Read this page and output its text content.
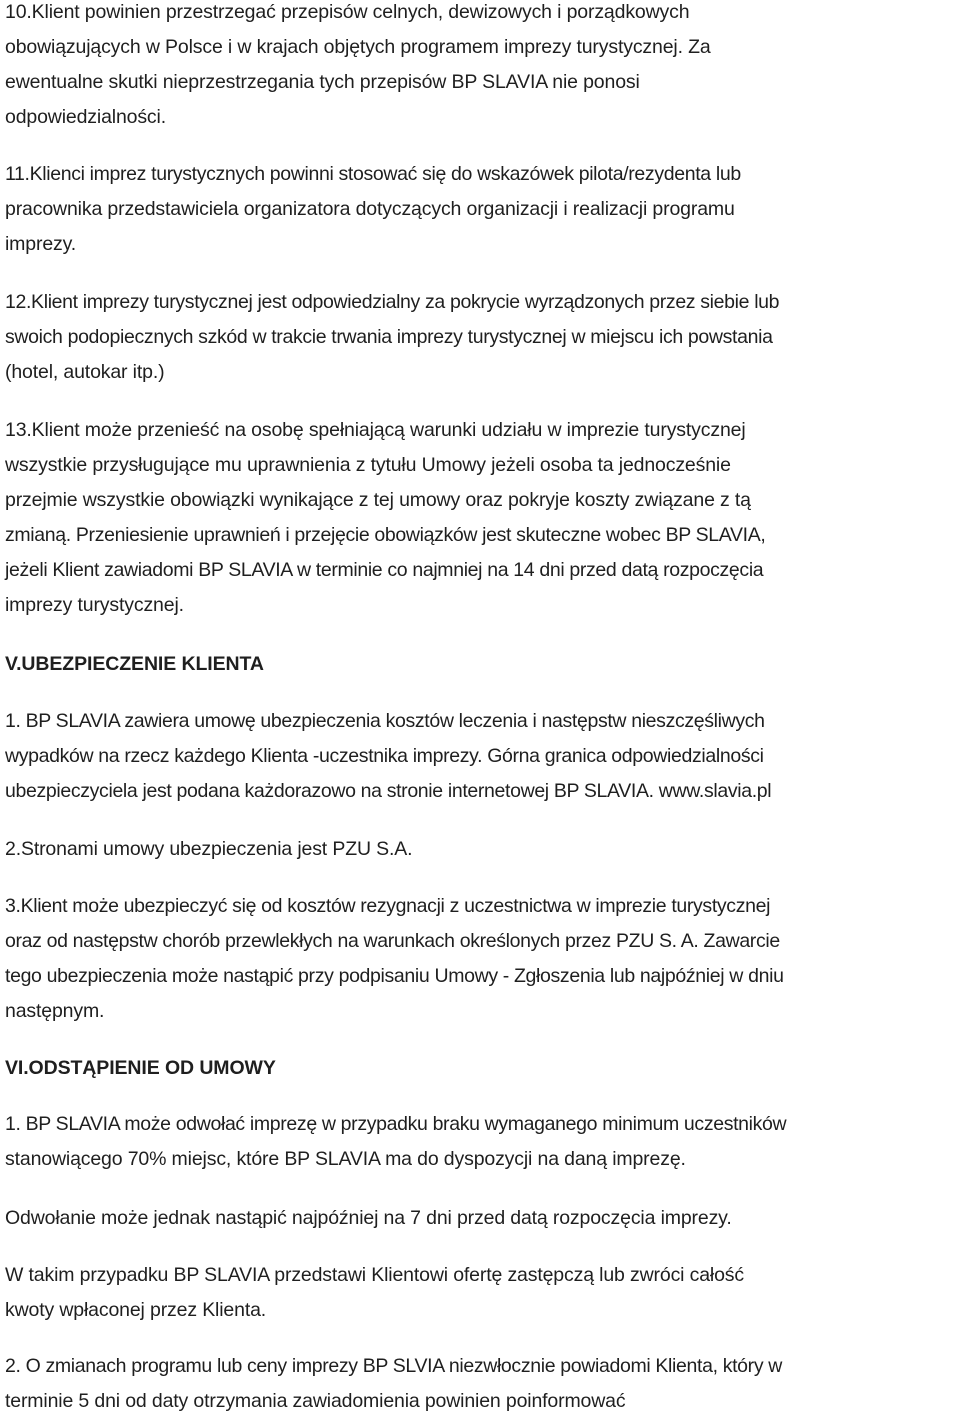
10.Klient powinien przestrzegać przepisów celnych, dewizowych i porządkowych
obowiązujących w Polsce i w krajach objętych programem imprezy turystycznej. Za
ewentualne skutki nieprzestrzegania tych przepisów BP SLAVIA nie ponosi
odpowiedzialności.

11.Klienci imprez turystycznych powinni stosować się do wskazówek pilota/rezydenta lub
pracownika przedstawiciela organizatora dotyczących organizacji i realizacji programu
imprezy.

12.Klient imprezy turystycznej jest odpowiedzialny za pokrycie wyrządzonych przez siebie lub
swoich podopiecznych szkód w trakcie trwania imprezy turystycznej w miejscu ich powstania
(hotel, autokar itp.)

13.Klient może przenieść na osobę spełniającą warunki udziału w imprezie turystycznej
wszystkie przysługujące mu uprawnienia z tytułu Umowy jeżeli osoba ta jednocześnie
przejmie wszystkie obowiązki wynikające z tej umowy oraz pokryje koszty związane z tą
zmianą. Przeniesienie uprawnień i przejęcie obowiązków jest skuteczne wobec BP SLAVIA,
jeżeli Klient zawiadomi BP SLAVIA w terminie co najmniej na 14 dni przed datą rozpoczęcia
imprezy turystycznej.

V.UBEZPIECZENIE KLIENTA

1. BP SLAVIA zawiera umowę ubezpieczenia kosztów leczenia i następstw nieszczęśliwych
wypadków na rzecz każdego Klienta -uczestnika imprezy. Górna granica odpowiedzialności
ubezpieczyciela jest podana każdorazowo na stronie internetowej BP SLAVIA. www.slavia.pl

2.Stronami umowy ubezpieczenia jest PZU S.A.

3.Klient może ubezpieczyć się od kosztów rezygnacji z uczestnictwa w imprezie turystycznej
oraz od następstw chorób przewlekłych na warunkach określonych przez PZU S. A. Zawarcie
tego ubezpieczenia może nastąpić przy podpisaniu Umowy - Zgłoszenia lub najpóźniej w dniu
następnym.

VI.ODSTĄPIENIE OD UMOWY

1. BP SLAVIA może odwołać imprezę w przypadku braku wymaganego minimum uczestników
stanowiącego 70% miejsc, które BP SLAVIA ma do dyspozycji na daną imprezę.

Odwołanie może jednak nastąpić najpóźniej na 7 dni przed datą rozpoczęcia imprezy.

W takim przypadku BP SLAVIA przedstawi Klientowi ofertę zastępczą lub zwróci całość
kwoty wpłaconej przez Klienta.

2. O zmianach programu lub ceny imprezy BP SLVIA niezwłocznie powiadomi Klienta, który w
terminie 5 dni od daty otrzymania zawiadomienia powinien poinformować
